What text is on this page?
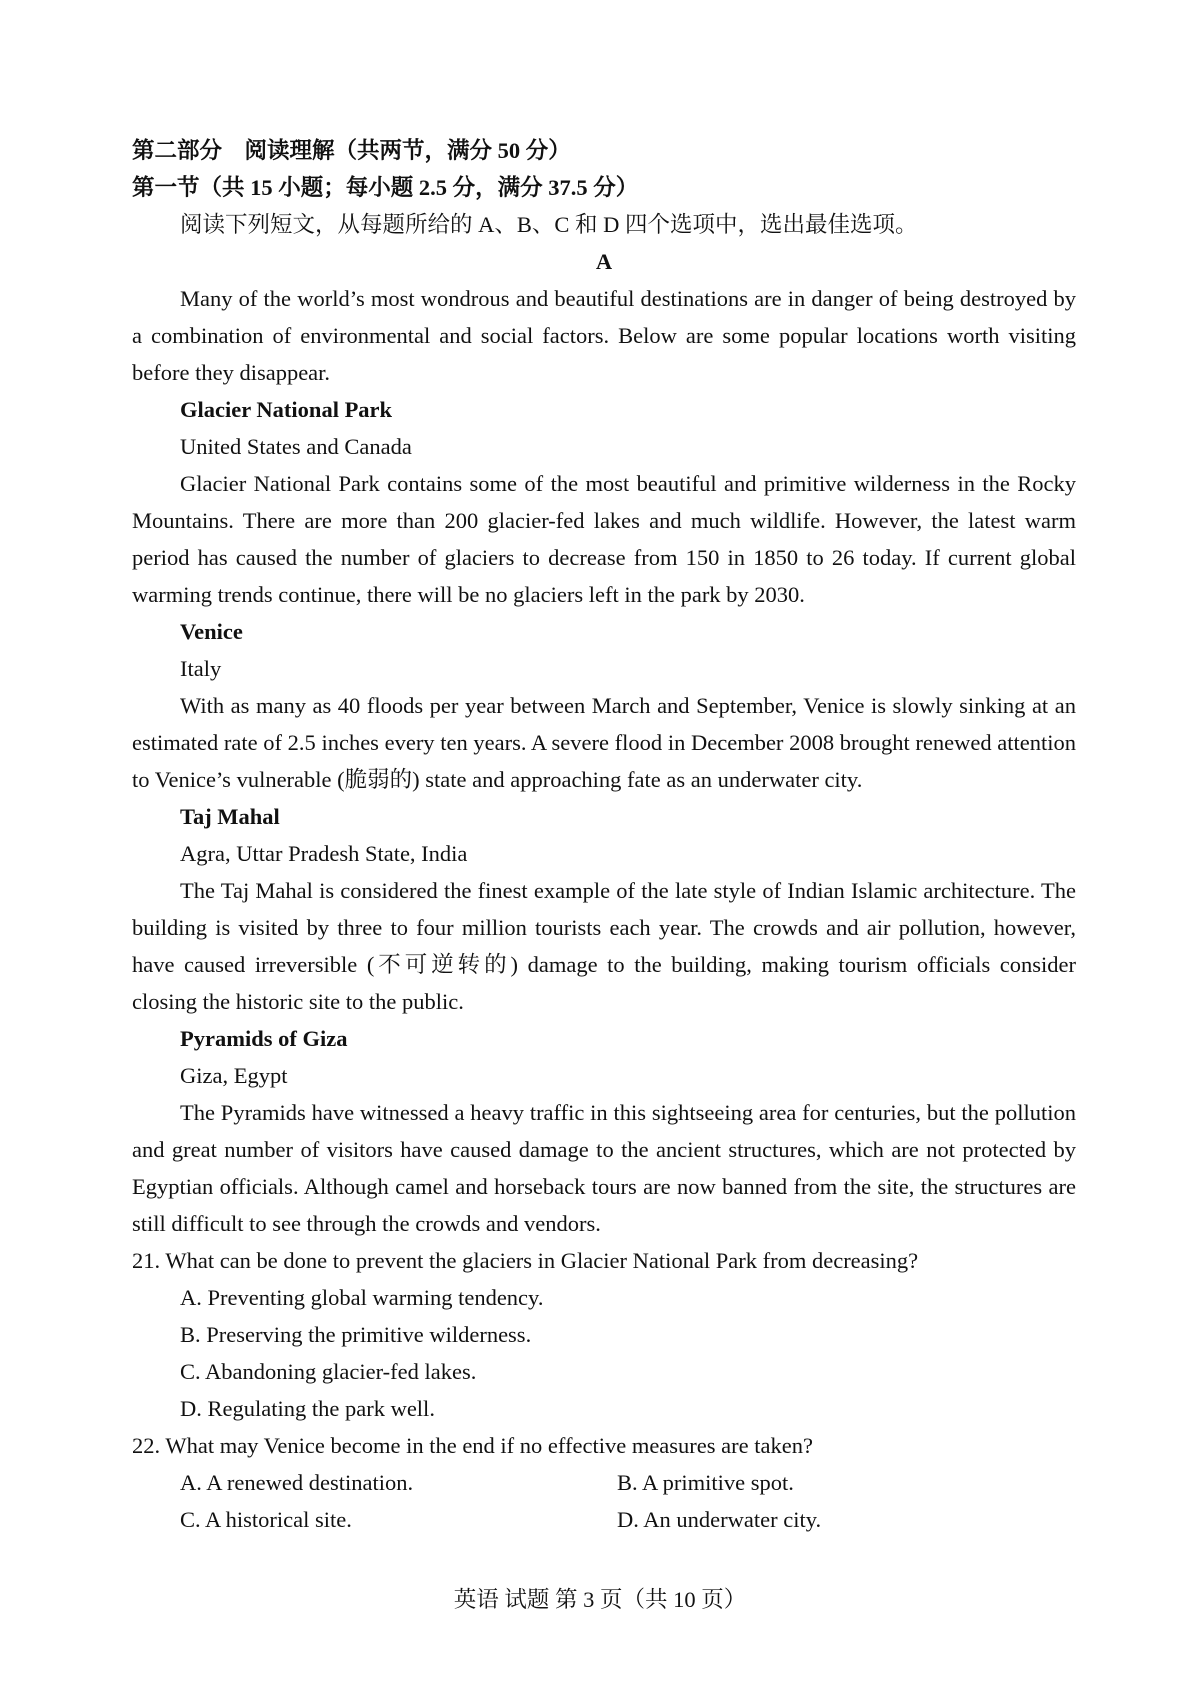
第二部分　阅读理解（共两节，满分 50 分）

第一节（共 15 小题；每小题 2.5 分，满分 37.5 分）

阅读下列短文，从每题所给的 A、B、C 和 D 四个选项中，选出最佳选项。

A

Many of the world’s most wondrous and beautiful destinations are in danger of being destroyed by a combination of environmental and social factors. Below are some popular locations worth visiting before they disappear.

Glacier National Park

United States and Canada

Glacier National Park contains some of the most beautiful and primitive wilderness in the Rocky Mountains. There are more than 200 glacier-fed lakes and much wildlife. However, the latest warm period has caused the number of glaciers to decrease from 150 in 1850 to 26 today. If current global warming trends continue, there will be no glaciers left in the park by 2030.

Venice

Italy

With as many as 40 floods per year between March and September, Venice is slowly sinking at an estimated rate of 2.5 inches every ten years. A severe flood in December 2008 brought renewed attention to Venice’s vulnerable (脆弱的) state and approaching fate as an underwater city.

Taj Mahal

Agra, Uttar Pradesh State, India

The Taj Mahal is considered the finest example of the late style of Indian Islamic architecture. The building is visited by three to four million tourists each year. The crowds and air pollution, however, have caused irreversible (不可逆转的) damage to the building, making tourism officials consider closing the historic site to the public.

Pyramids of Giza

Giza, Egypt

The Pyramids have witnessed a heavy traffic in this sightseeing area for centuries, but the pollution and great number of visitors have caused damage to the ancient structures, which are not protected by Egyptian officials. Although camel and horseback tours are now banned from the site, the structures are still difficult to see through the crowds and vendors.

21. What can be done to prevent the glaciers in Glacier National Park from decreasing?

A. Preventing global warming tendency.

B. Preserving the primitive wilderness.

C. Abandoning glacier-fed lakes.

D. Regulating the park well.

22. What may Venice become in the end if no effective measures are taken?

A. A renewed destination.	B. A primitive spot.
C. A historical site.	D. An underwater city.
英语 试题 第 3 页（共 10 页）
